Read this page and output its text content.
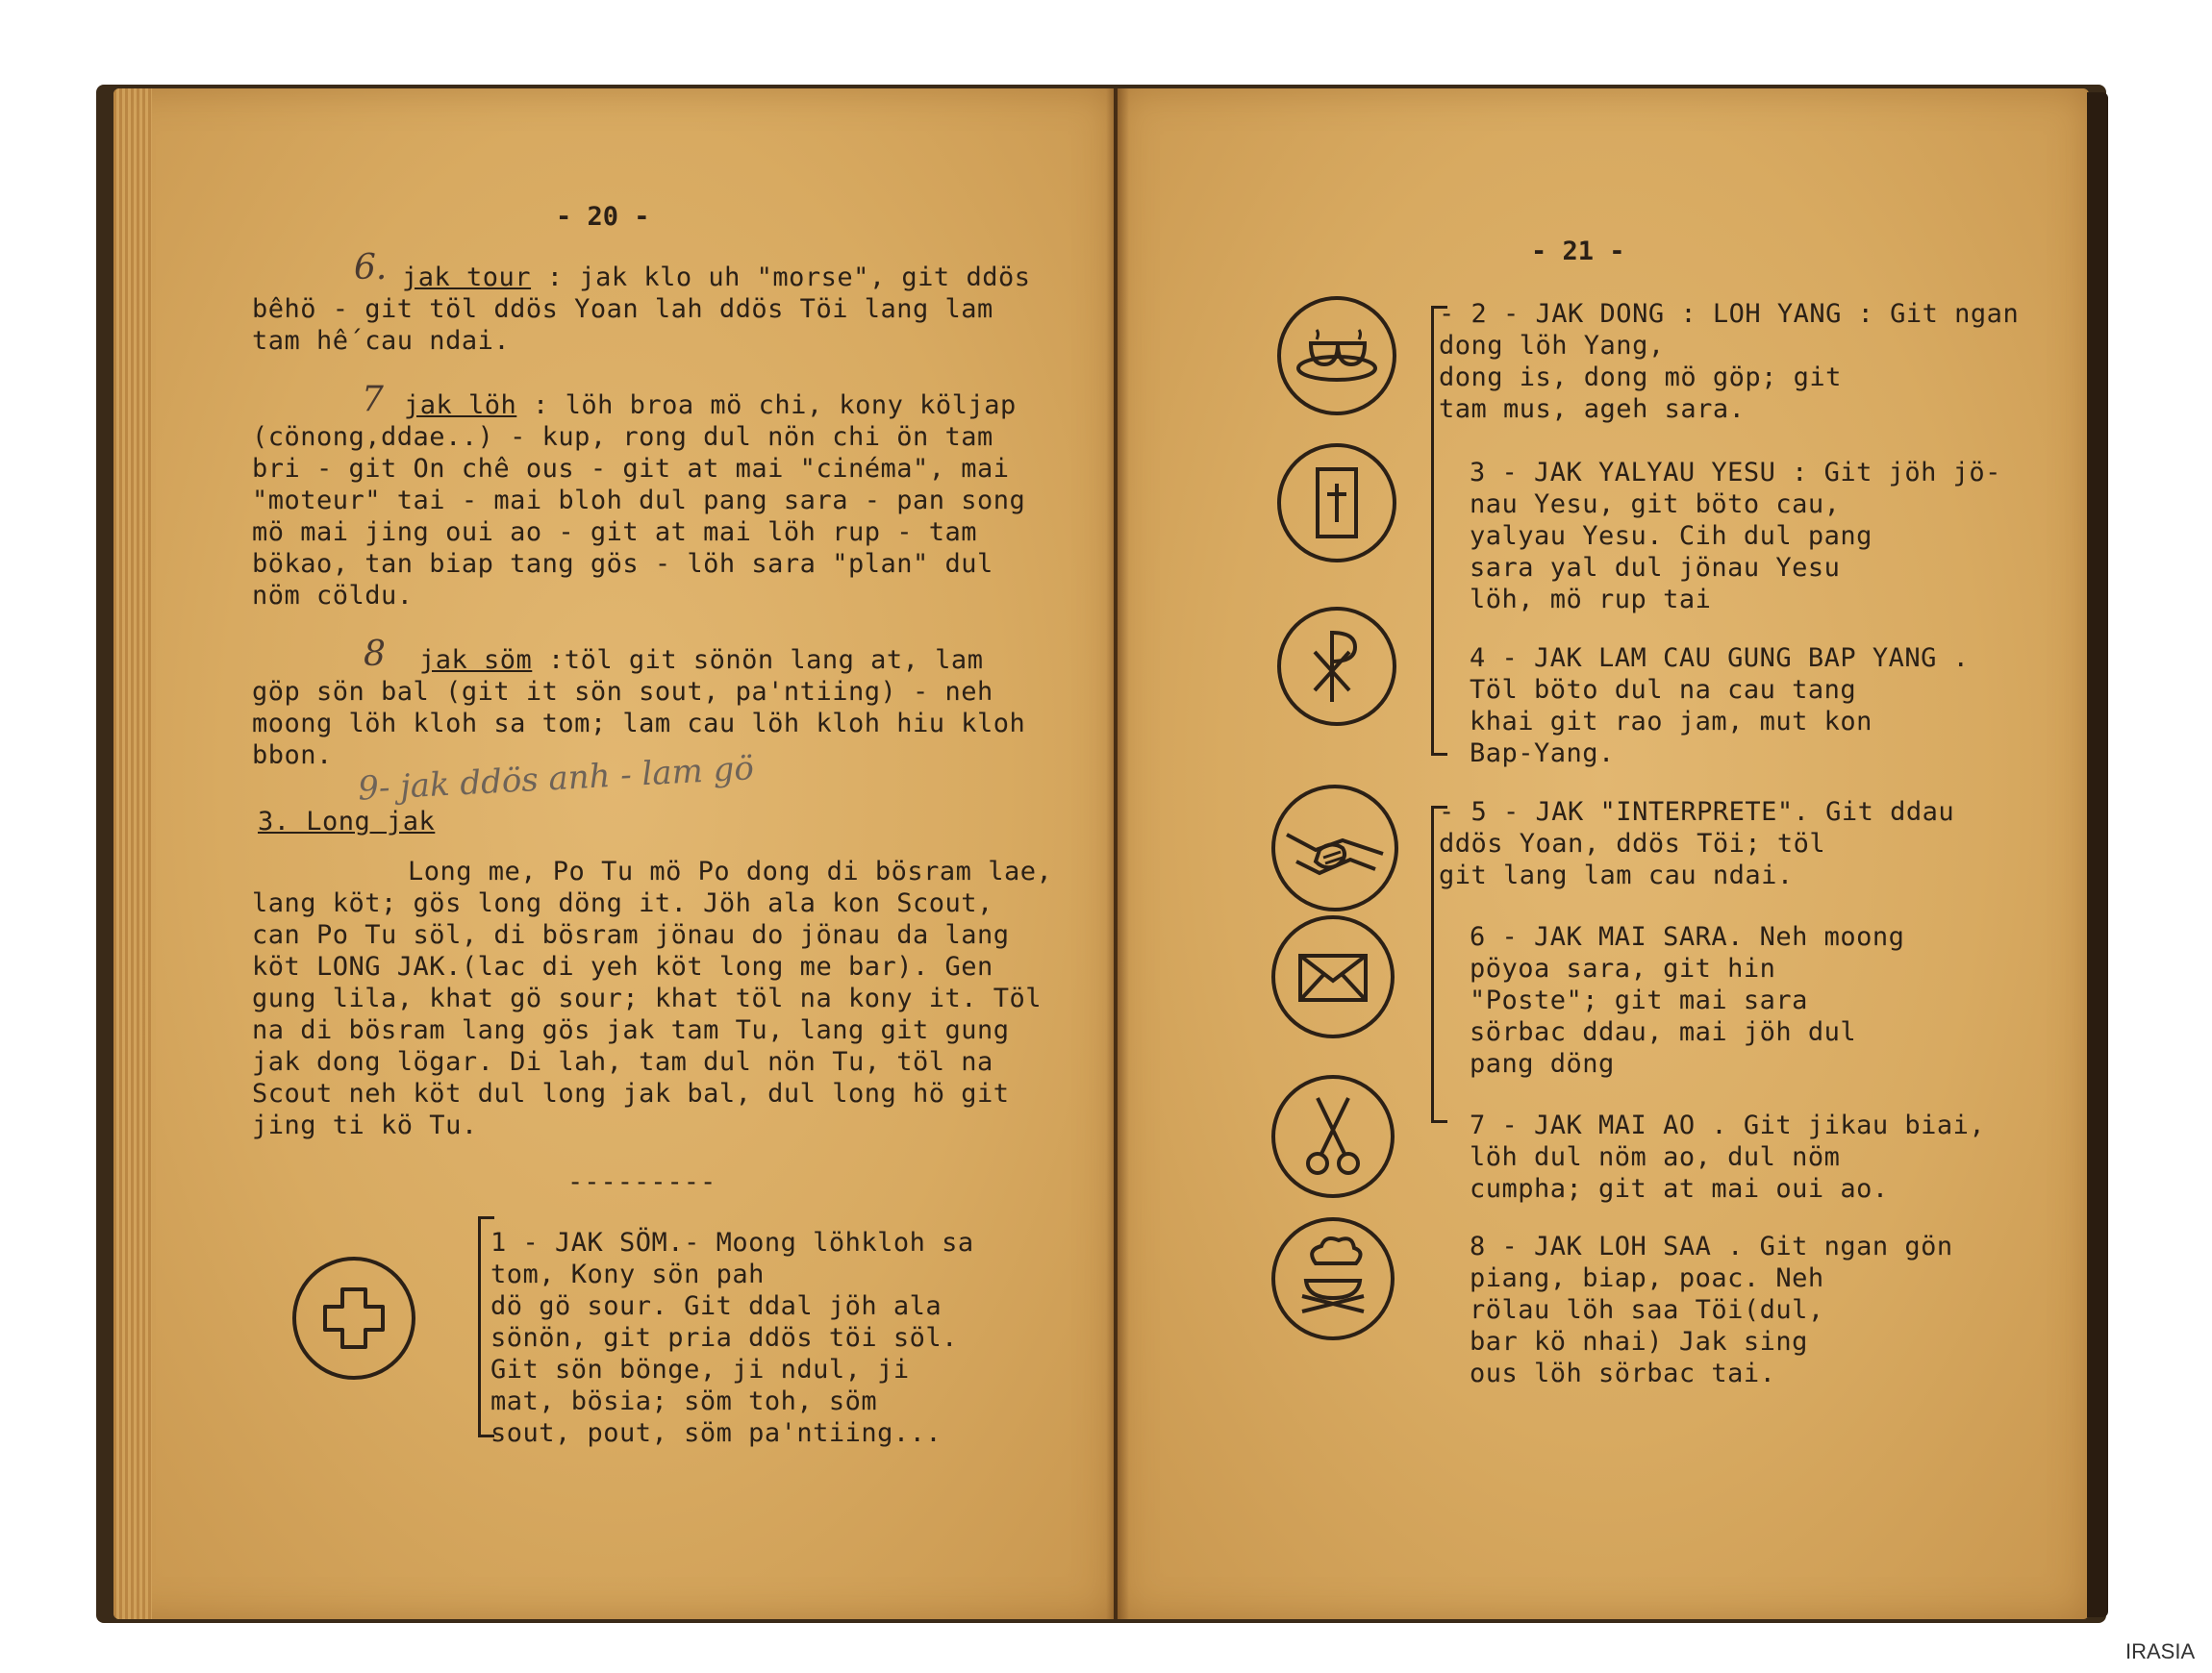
- 20 -
6. jak tour : jak klo uh "morse", git ddös
bêhö - git töl ddös Yoan lah ddös Töi lang lam
tam hế cau ndai.
7 jak löh : löh broa mö chi, kony köljap
(cönong,ddae..) - kup, rong dul nön chi ön tam
bri - git On chê ous - git at mai "cinéma", mai
"moteur" tai - mai bloh dul pang sara - pan song
mö mai jing oui ao - git at mai löh rup - tam
bökao, tan biap tang gös - löh sara "plan" dul
nöm cöldu.
8 jak söm :töl git sönön lang at, lam
göp sön bal (git it sön sout, pa'ntiing) - neh
moong löh kloh sa tom; lam cau löh kloh hiu kloh
bbon. 9- jak ddös anh - lam gö
3. Long jak
Long me, Po Tu mö Po dong di bösram lae,
lang köt; gös long döng it. Jöh ala kon Scout,
can Po Tu söl, di bösram jönau do jönau da lang
köt LONG JAK.(lac di yeh köt long me bar). Gen
gung lila, khat gö sour; khat töl na kony it. Töl
na di bösram lang gös jak tam Tu, lang git gung
jak dong lögar. Di lah, tam dul nön Tu, töl na
Scout neh köt dul long jak bal, dul long hö git
jing ti kö Tu.
---------
1 - JAK SÖM.- Moong löhkloh sa
tom, Kony sön pah
dö gö sour. Git ddal jöh ala
sönön, git pria ddös töi söl.
Git sön bönge, ji ndul, ji
mat, bösia; söm toh, söm
sout, pout, söm pa'ntiing...
- 21 -
- 2 - JAK DONG : LOH YANG : Git ngan
dong löh Yang,
dong is, dong mö göp; git
tam mus, ageh sara.
3 - JAK YALYAU YESU : Git jöh jö-
nau Yesu, git böto cau,
yalyau Yesu. Cih dul pang
sara yal dul jönau Yesu
löh, mö rup tai
4 - JAK LAM CAU GUNG BAP YANG .
Töl böto dul na cau tang
khai git rao jam, mut kon
Bap-Yang.
- 5 - JAK "INTERPRETE". Git ddau
ddös Yoan, ddös Töi; töl
git lang lam cau ndai.
6 - JAK MAI SARA. Neh moong
pöyoa sara, git hin
"Poste"; git mai sara
sörbac ddau, mai jöh dul
pang döng
7 - JAK MAI AO . Git jikau biai,
löh dul nöm ao, dul nöm
cumpha; git at mai oui ao.
8 - JAK LOH SAA . Git ngan gön
piang, biap, poac. Neh
rölau löh saa Töi(dul,
bar kö nhai) Jak sing
ous löh sörbac tai.
IRASIA
